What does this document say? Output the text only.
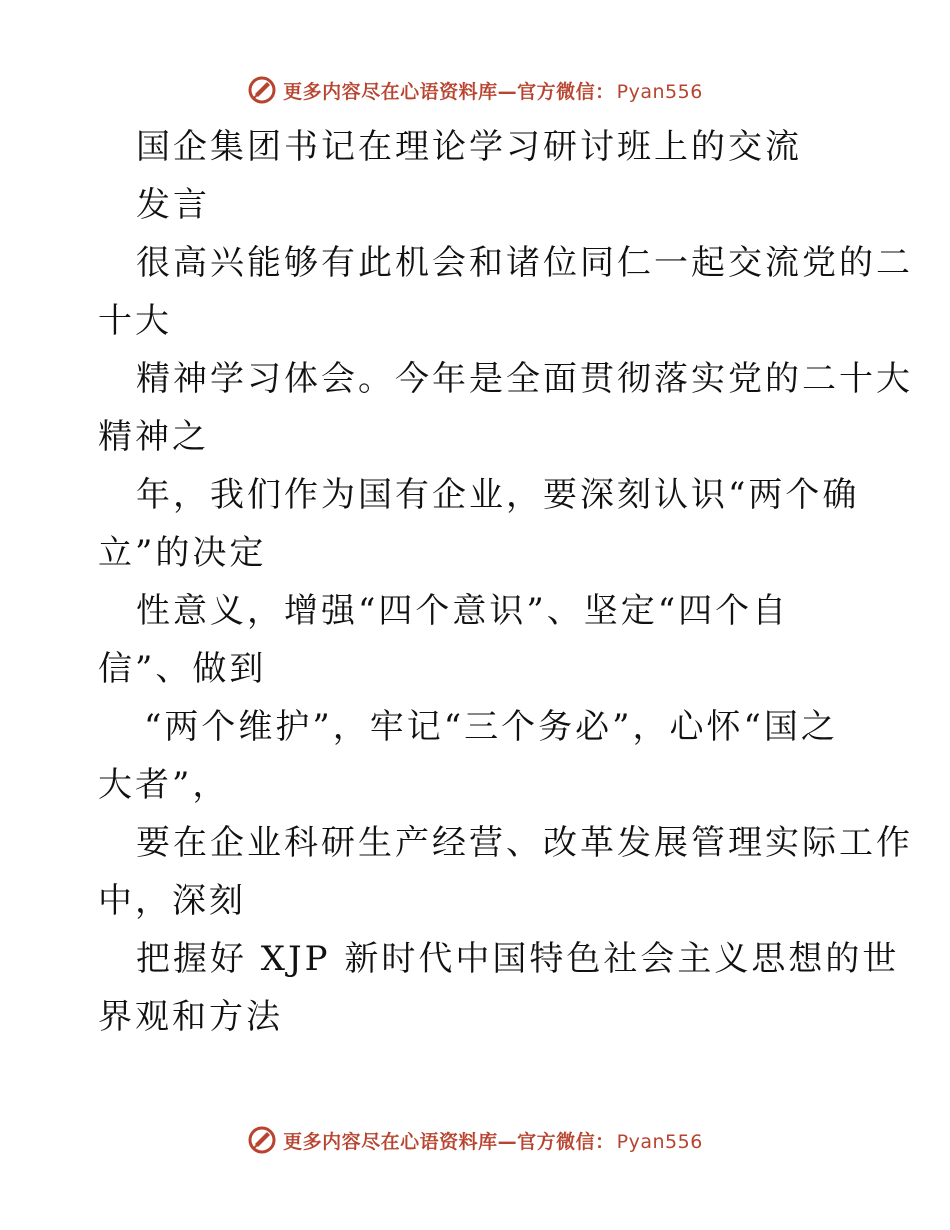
更多内容尽在心语资料库—官方微信： Pyan556
国企集团书记在理论学习研讨班上的交流
发言
很高兴能够有此机会和诸位同仁一起交流党的二
十大
精神学习体会。今年是全面贯彻落实党的二十大
精神之
年，我们作为国有企业，要深刻认识“两个确
立”的决定
性意义，增强“四个意识”、坚定“四个自
信”、做到
“两个维护”，牢记“三个务必”，心怀“国之
大者”，
要在企业科研生产经营、改革发展管理实际工作
中，深刻
把握好 XJP 新时代中国特色社会主义思想的世
界观和方法
更多内容尽在心语资料库—官方微信： Pyan556
